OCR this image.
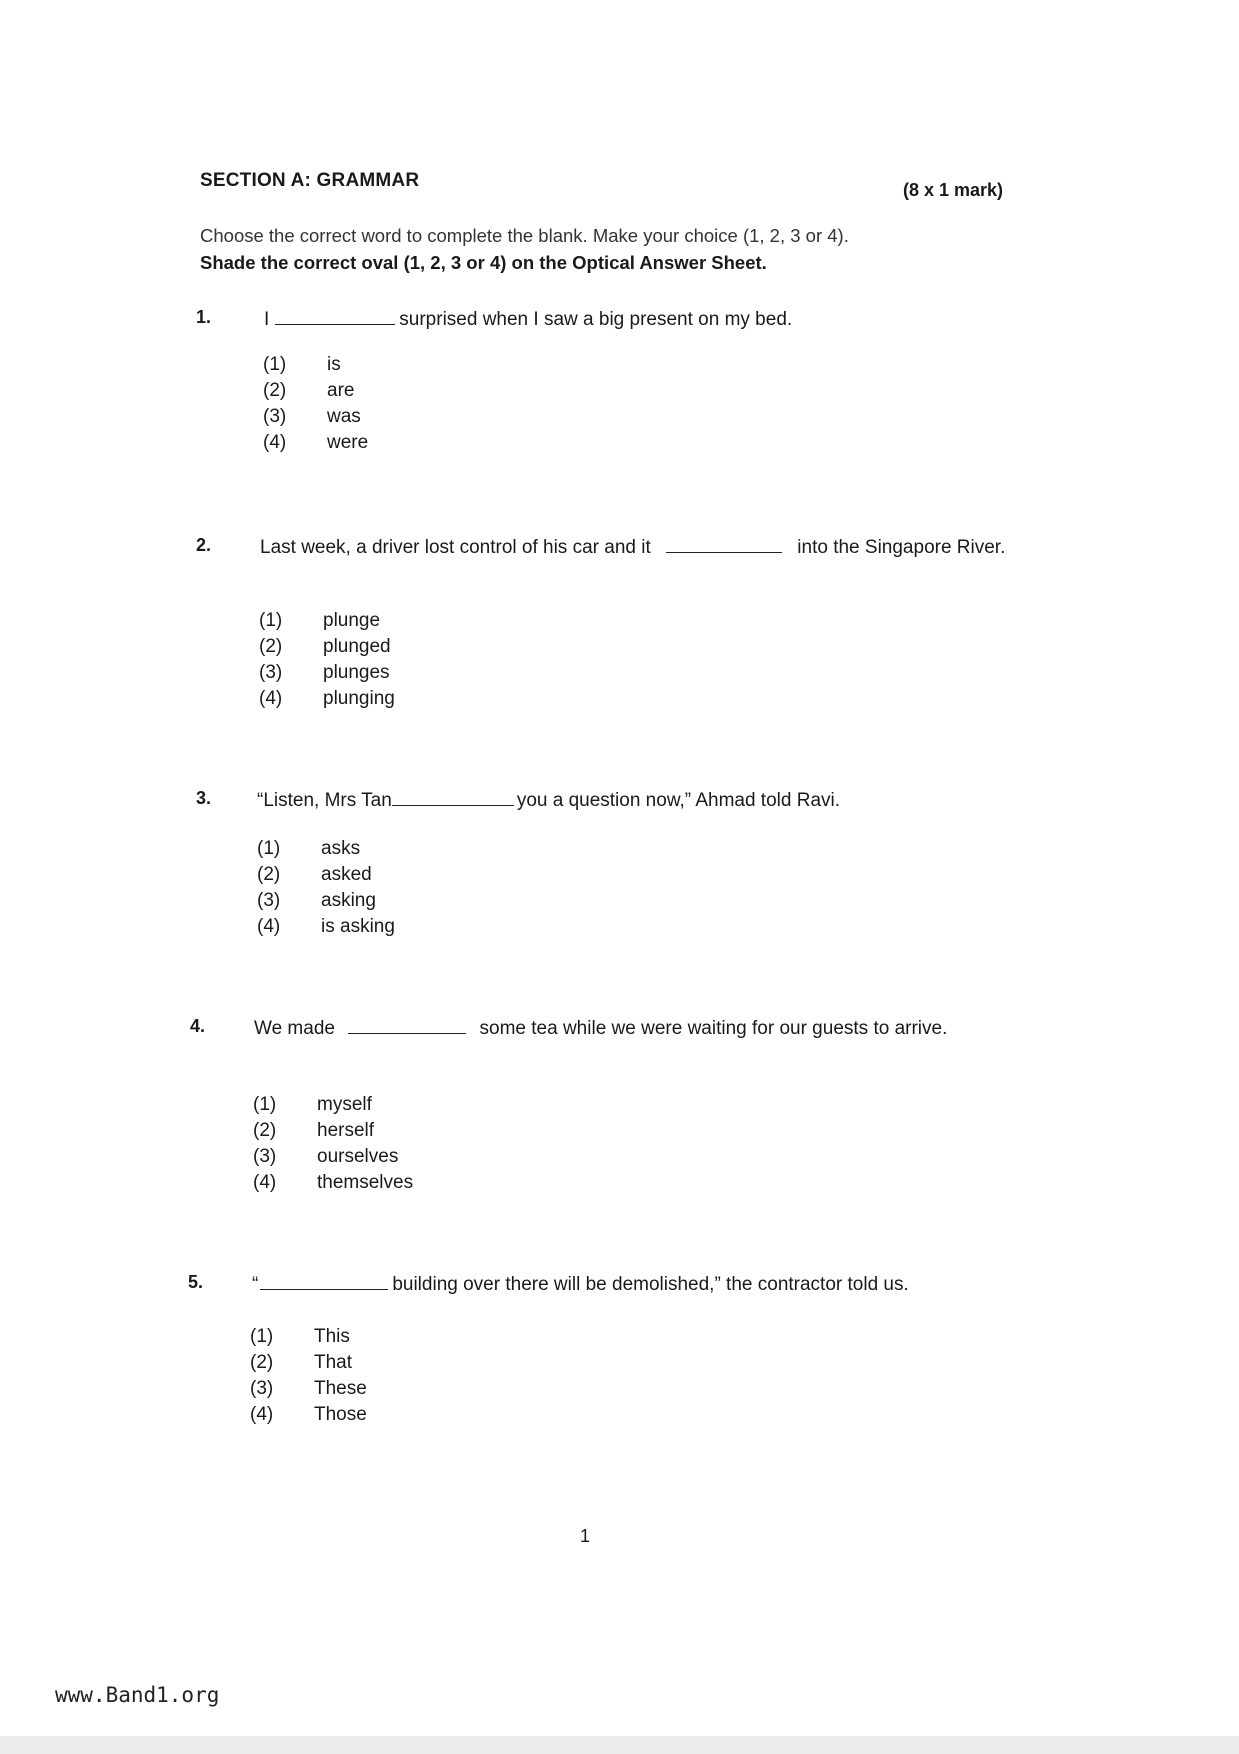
SECTION A: GRAMMAR	(8 x 1 mark)
Choose the correct word to complete the blank. Make your choice (1, 2, 3 or 4).
Shade the correct oval (1, 2, 3 or 4) on the Optical Answer Sheet.
1.	I	surprised when I saw a big present on my bed.
(1) is
(2) are
(3) was
(4) were
2.	Last week, a driver lost control of his car and it	into the Singapore River.
(1) plunge
(2) plunged
(3) plunges
(4) plunging
3. “Listen, Mrs Tan	you a question now,” Ahmad told Ravi.
(1) asks
(2) asked
(3) asking
(4) is asking
4.	We made	some tea while we were waiting for our guests to arrive.
(1) myself
(2) herself
(3) ourselves
(4) themselves
5.	“	building over there will be demolished,” the contractor told us.
(1) This
(2) That
(3) These
(4) Those
1
www.Band1.org
